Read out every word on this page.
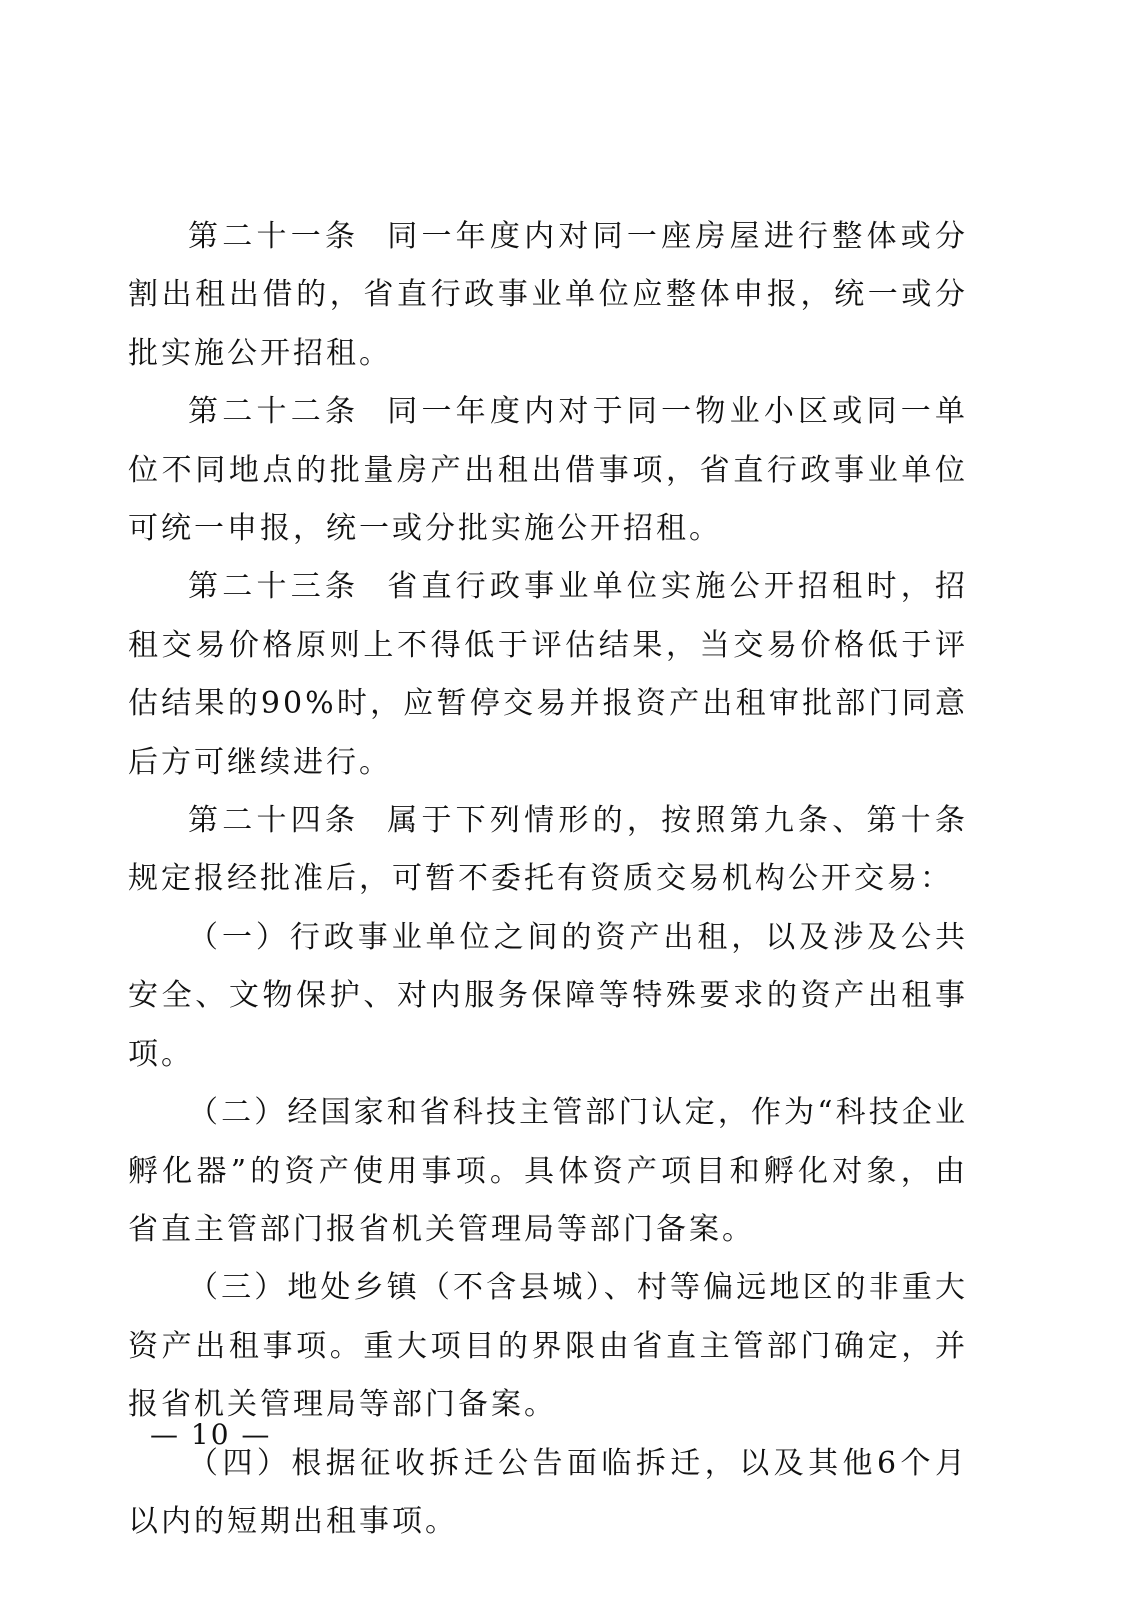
第二十一条 同一年度内对同一座房屋进行整体或分割出租出借的，省直行政事业单位应整体申报，统一或分批实施公开招租。

第二十二条 同一年度内对于同一物业小区或同一单位不同地点的批量房产出租出借事项，省直行政事业单位可统一申报，统一或分批实施公开招租。

第二十三条 省直行政事业单位实施公开招租时，招租交易价格原则上不得低于评估结果，当交易价格低于评估结果的90%时，应暂停交易并报资产出租审批部门同意后方可继续进行。

第二十四条 属于下列情形的，按照第九条、第十条规定报经批准后，可暂不委托有资质交易机构公开交易：

（一）行政事业单位之间的资产出租，以及涉及公共安全、文物保护、对内服务保障等特殊要求的资产出租事项。

（二）经国家和省科技主管部门认定，作为“科技企业孵化器”的资产使用事项。具体资产项目和孵化对象，由省直主管部门报省机关管理局等部门备案。

（三）地处乡镇（不含县城）、村等偏远地区的非重大资产出租事项。重大项目的界限由省直主管部门确定，并报省机关管理局等部门备案。

（四）根据征收拆迁公告面临拆迁，以及其他6个月以内的短期出租事项。

— 10 —
